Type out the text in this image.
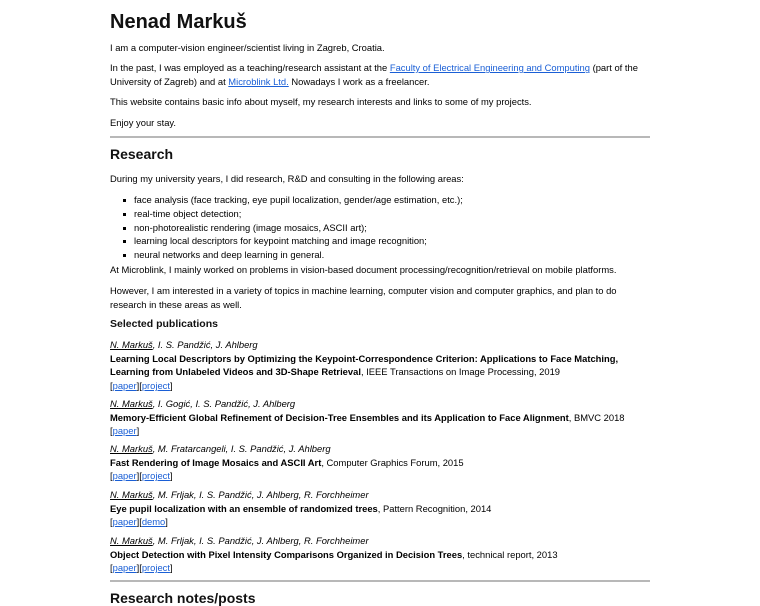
Nenad Markuš

I am a computer-vision engineer/scientist living in Zagreb, Croatia.

In the past, I was employed as a teaching/research assistant at the Faculty of Electrical Engineering and Computing (part of the University of Zagreb) and at Microblink Ltd. Nowadays I work as a freelancer.

This website contains basic info about myself, my research interests and links to some of my projects.

Enjoy your stay.

Research

During my university years, I did research, R&D and consulting in the following areas:

face analysis (face tracking, eye pupil localization, gender/age estimation, etc.);
real-time object detection;
non-photorealistic rendering (image mosaics, ASCII art);
learning local descriptors for keypoint matching and image recognition;
neural networks and deep learning in general.

At Microblink, I mainly worked on problems in vision-based document processing/recognition/retrieval on mobile platforms.

However, I am interested in a variety of topics in machine learning, computer vision and computer graphics, and plan to do research in these areas as well.

Selected publications
N. Markuš, I. S. Pandžić, J. Ahlberg
Learning Local Descriptors by Optimizing the Keypoint-Correspondence Criterion: Applications to Face Matching, Learning from Unlabeled Videos and 3D-Shape Retrieval, IEEE Transactions on Image Processing, 2019
[paper][project]
N. Markuš, I. Gogić, I. S. Pandžić, J. Ahlberg
Memory-Efficient Global Refinement of Decision-Tree Ensembles and its Application to Face Alignment, BMVC 2018
[paper]
N. Markuš, M. Fratarcangeli, I. S. Pandžić, J. Ahlberg
Fast Rendering of Image Mosaics and ASCII Art, Computer Graphics Forum, 2015
[paper][project]
N. Markuš, M. Frljak, I. S. Pandžić, J. Ahlberg, R. Forchheimer
Eye pupil localization with an ensemble of randomized trees, Pattern Recognition, 2014
[paper][demo]
N. Markuš, M. Frljak, I. S. Pandžić, J. Ahlberg, R. Forchheimer
Object Detection with Pixel Intensity Comparisons Organized in Decision Trees, technical report, 2013
[paper][project]
Research notes/posts
